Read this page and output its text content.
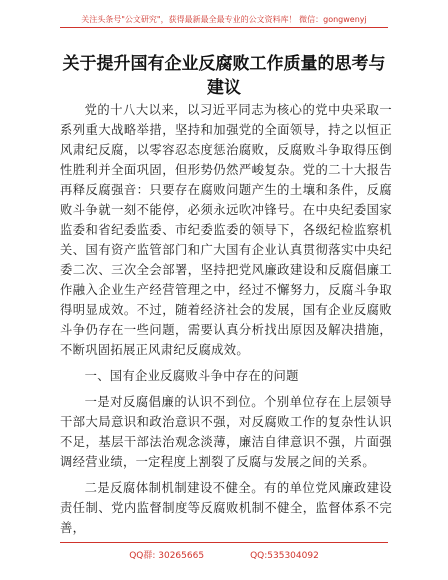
关注头条号"公文研究"，获得最新最全最专业的公文资料库！ 微信：gongwenyj
关于提升国有企业反腐败工作质量的思考与建议

党的十八大以来，以习近平同志为核心的党中央采取一系列重大战略举措，坚持和加强党的全面领导，持之以恒正风肃纪反腐，以零容忍态度惩治腐败，反腐败斗争取得压倒性胜利并全面巩固，但形势仍然严峻复杂。党的二十大报告再释反腐强音：只要存在腐败问题产生的土壤和条件，反腐败斗争就一刻不能停，必须永远吹冲锋号。在中央纪委国家监委和省纪委监委、市纪委监委的领导下，各级纪检监察机关、国有资产监管部门和广大国有企业认真贯彻落实中央纪委二次、三次全会部署，坚持把党风廉政建设和反腐倡廉工作融入企业生产经营管理之中，经过不懈努力，反腐斗争取得明显成效。不过，随着经济社会的发展，国有企业反腐败斗争仍存在一些问题，需要认真分析找出原因及解决措施，不断巩固拓展正风肃纪反腐成效。

一、国有企业反腐败斗争中存在的问题

一是对反腐倡廉的认识不到位。个别单位存在上层领导干部大局意识和政治意识不强，对反腐败工作的复杂性认识不足，基层干部法治观念淡薄，廉洁自律意识不强，片面强调经营业绩，一定程度上割裂了反腐与发展之间的关系。

二是反腐体制机制建设不健全。有的单位党风廉政建设责任制、党内监督制度等反腐败机制不健全，监督体系不完善，

QQ群: 30265665	QQ:535304092
